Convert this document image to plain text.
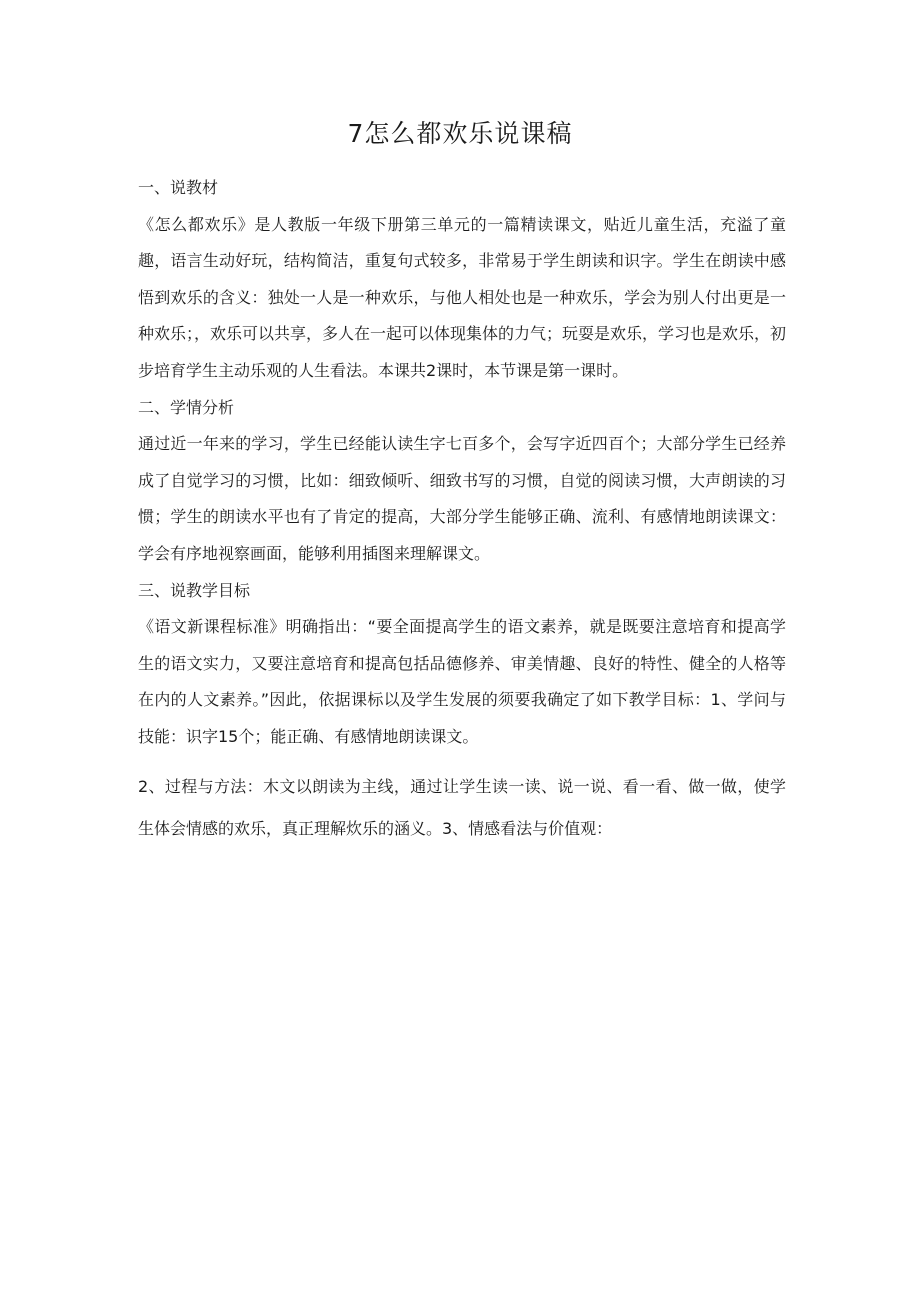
7怎么都欢乐说课稿

一、说教材

《怎么都欢乐》是人教版一年级下册第三单元的一篇精读课文，贴近儿童生活，充溢了童趣，语言生动好玩，结构简洁，重复句式较多，非常易于学生朗读和识字。学生在朗读中感悟到欢乐的含义：独处一人是一种欢乐，与他人相处也是一种欢乐，学会为别人付出更是一种欢乐；，欢乐可以共享，多人在一起可以体现集体的力气；玩耍是欢乐，学习也是欢乐，初步培育学生主动乐观的人生看法。本课共2课时，本节课是第一课时。

二、学情分析

通过近一年来的学习，学生已经能认读生字七百多个，会写字近四百个；大部分学生已经养成了自觉学习的习惯，比如：细致倾听、细致书写的习惯，自觉的阅读习惯，大声朗读的习惯；学生的朗读水平也有了肯定的提高，大部分学生能够正确、流利、有感情地朗读课文：学会有序地视察画面，能够利用插图来理解课文。

三、说教学目标

《语文新课程标准》明确指出：“要全面提高学生的语文素养，就是既要注意培育和提高学生的语文实力，又要注意培育和提高包括品德修养、审美情趣、良好的特性、健全的人格等在内的人文素养。”因此，依据课标以及学生发展的须要我确定了如下教学目标：1、学问与技能：识字15个；能正确、有感情地朗读课文。

2、过程与方法：木文以朗读为主线，通过让学生读一读、说一说、看一看、做一做，使学生体会情感的欢乐，真正理解炊乐的涵义。3、情感看法与价值观：
